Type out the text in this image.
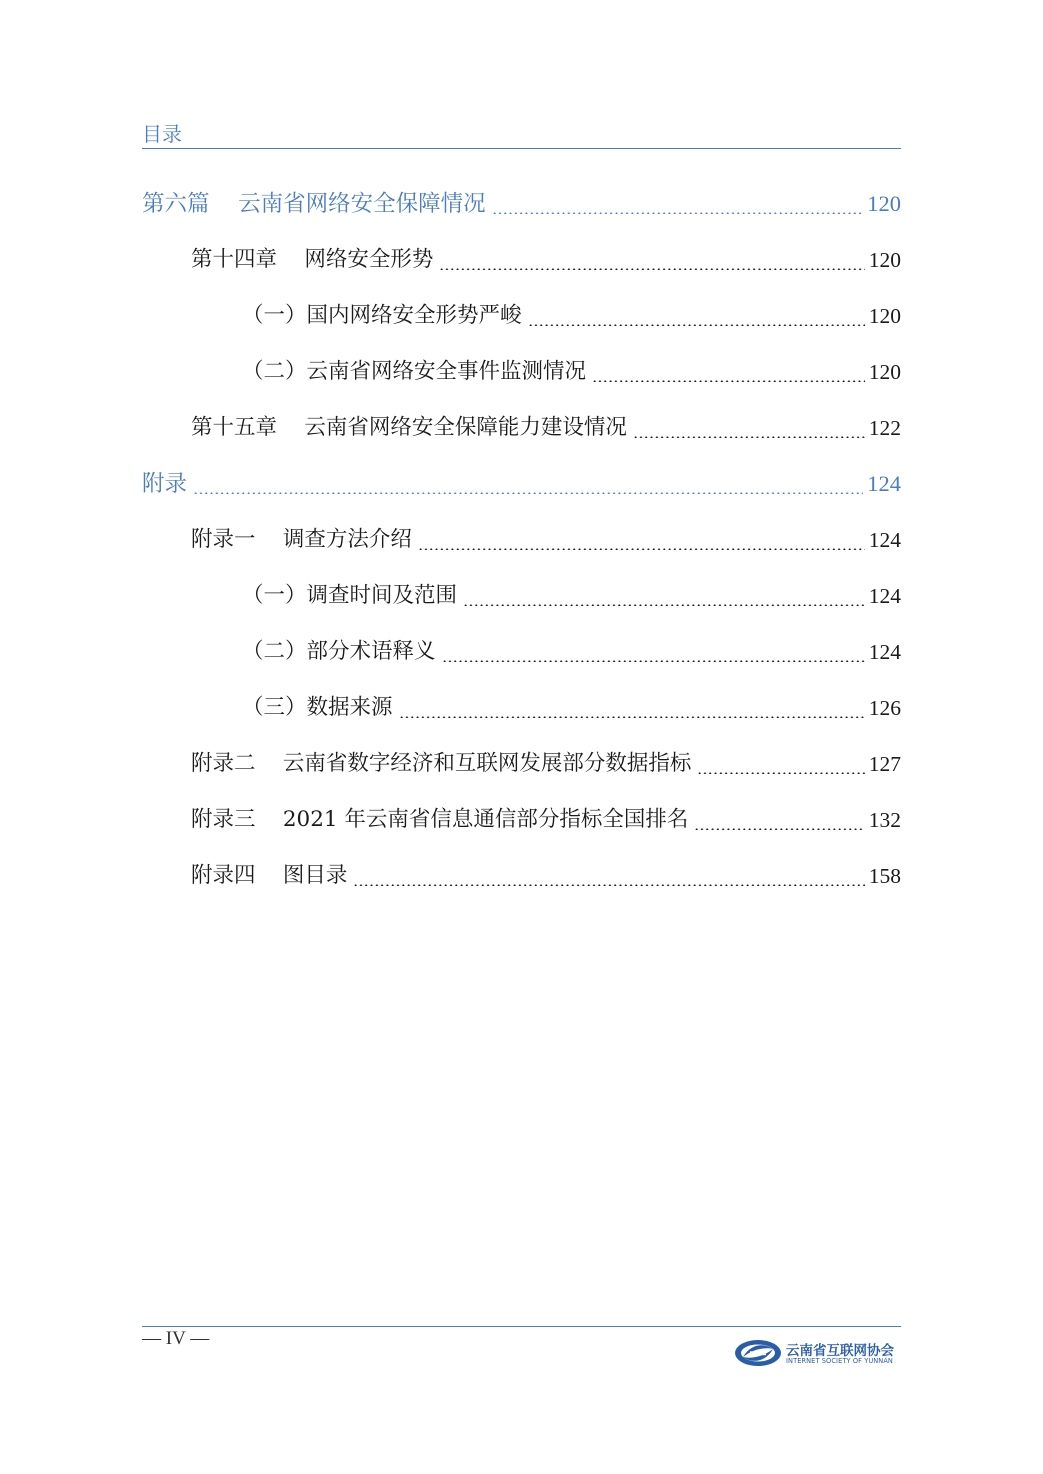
目录
第六篇 云南省网络安全保障情况	120
第十四章 网络安全形势	120
（一） 国内网络安全形势严峻	120
（二） 云南省网络安全事件监测情况	120
第十五章 云南省网络安全保障能力建设情况	122
附录	124
附录一 调查方法介绍	124
（一） 调查时间及范围	124
（二） 部分术语释义	124
（三） 数据来源	126
附录二 云南省数字经济和互联网发展部分数据指标	127
附录三 2021 年云南省信息通信部分指标全国排名	132
附录四 图目录	158
— IV —
云南省互联网协会
INTERNET SOCIETY OF YUNNAN
